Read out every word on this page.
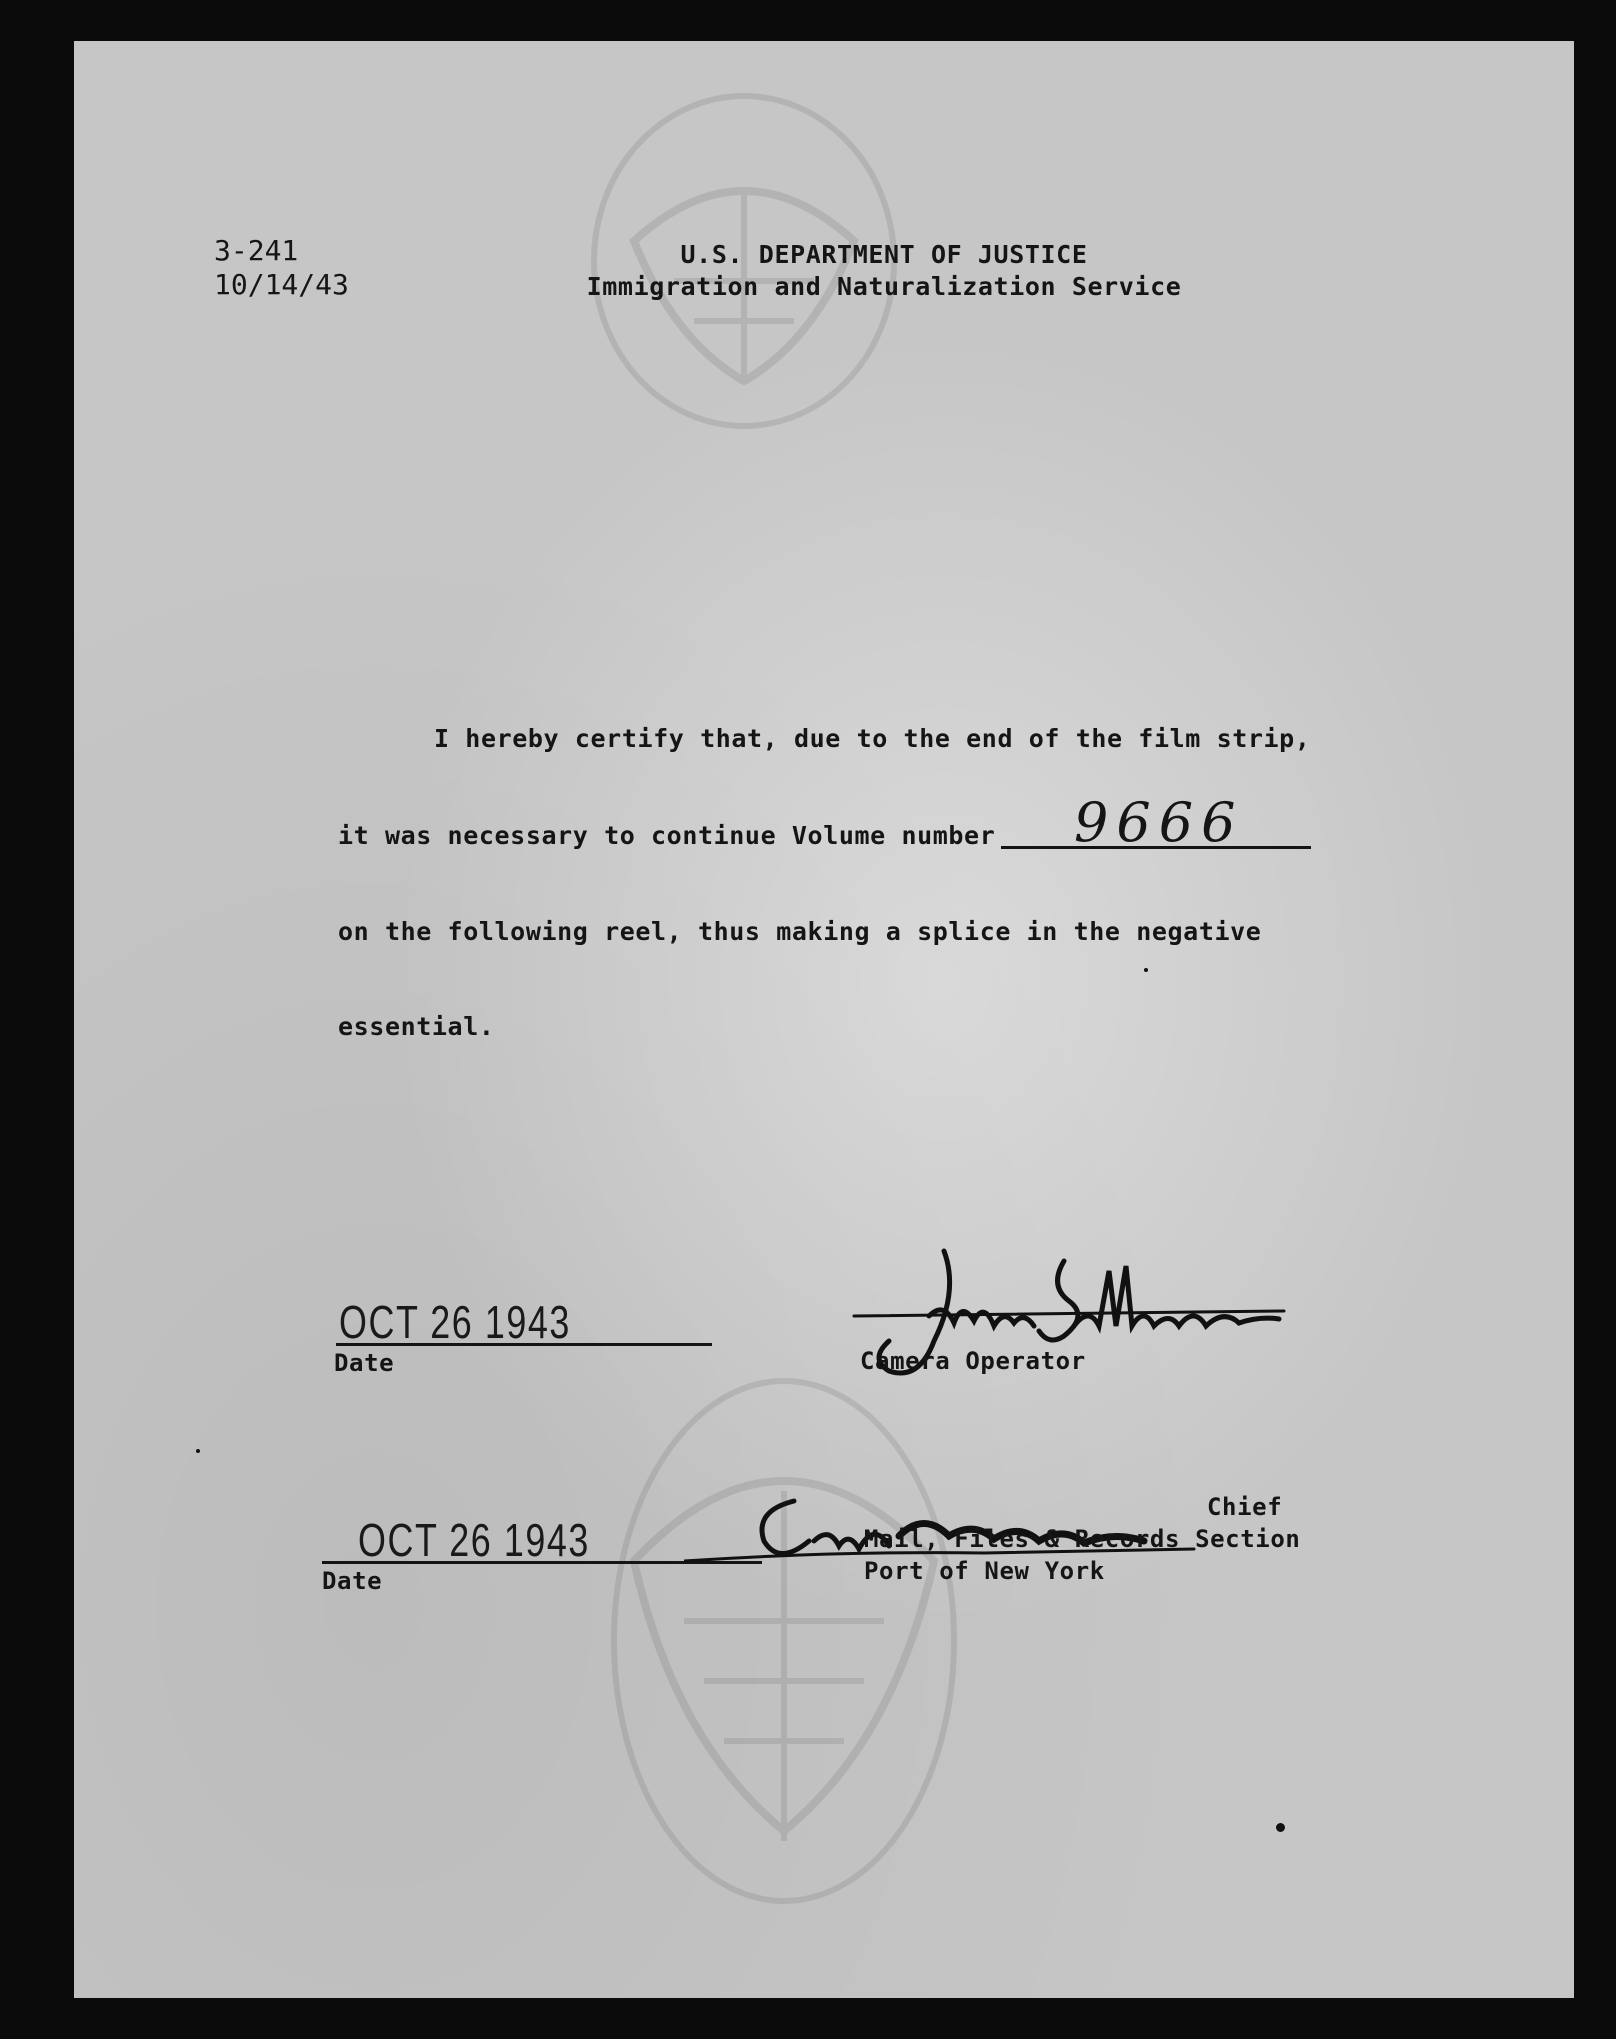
3-241
10/14/43
U.S. DEPARTMENT OF JUSTICE
Immigration and Naturalization Service
I hereby certify that, due to the end of the film strip,
it was necessary to continue Volume number 9666
on the following reel, thus making a splice in the negative
essential.
OCT 26 1943
Date	Camera Operator
OCT 26 1943
Date
Chief
Mail, Files & Records Section
Port of New York
